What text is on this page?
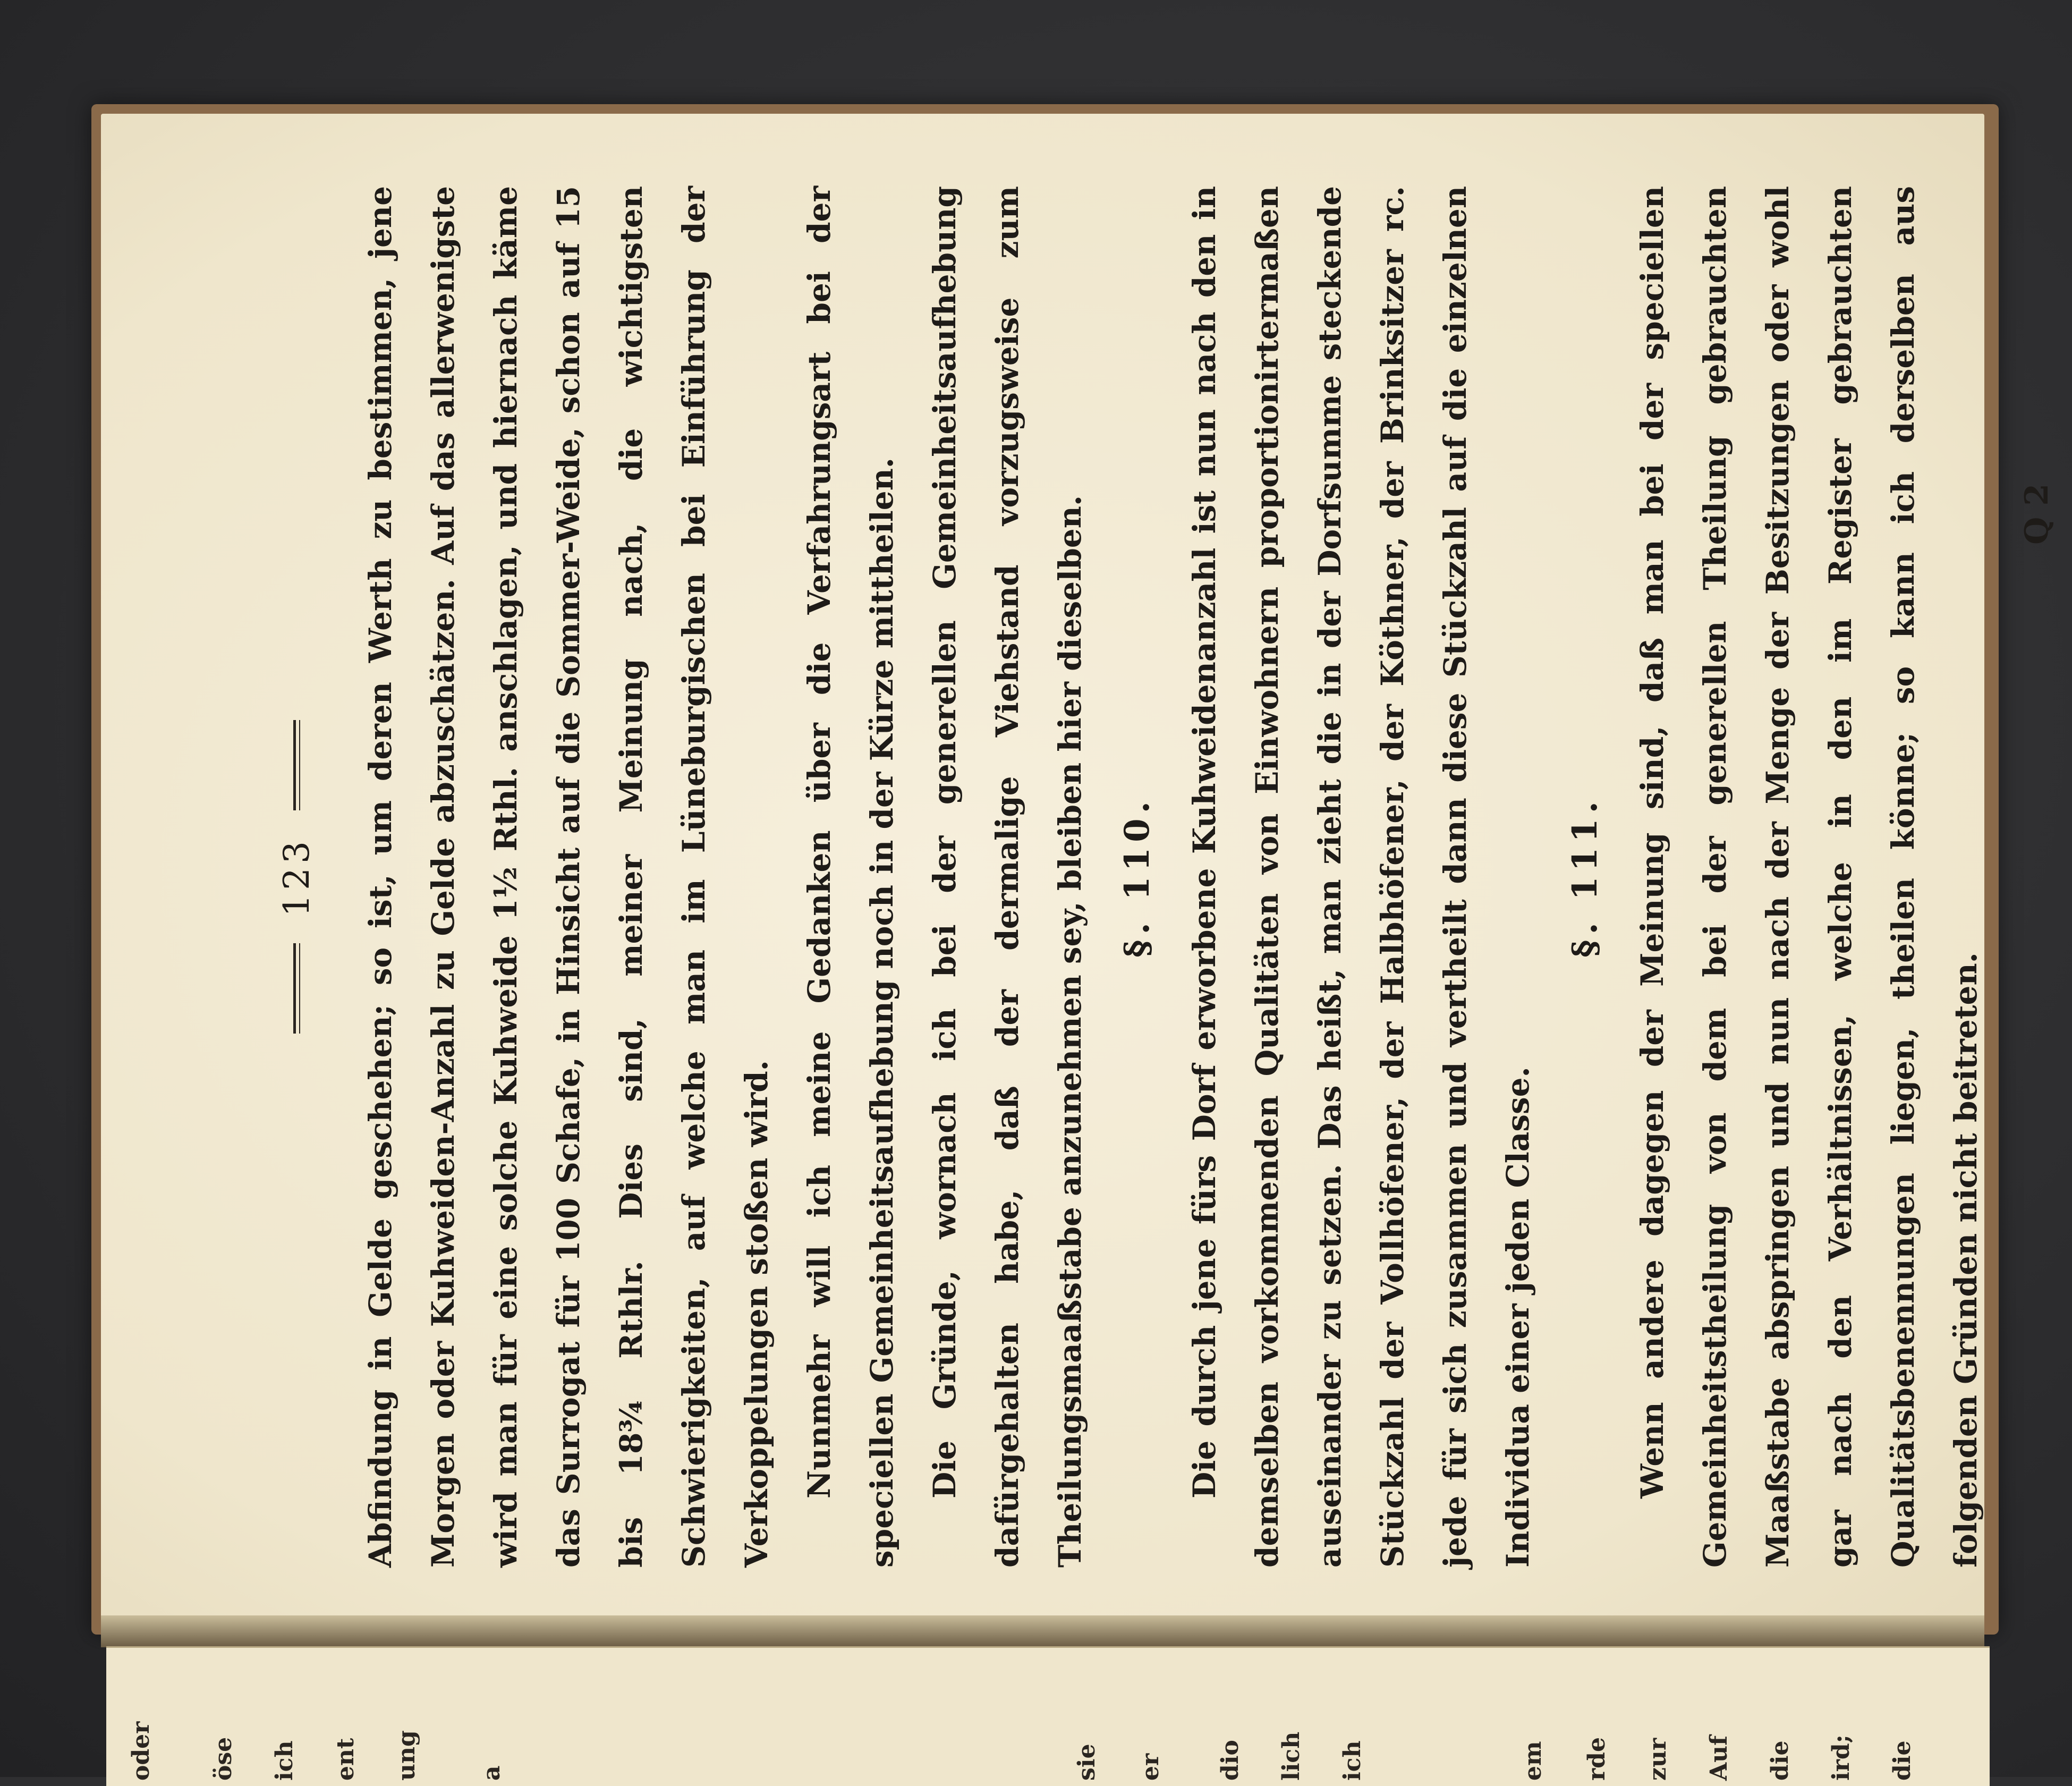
123	Abfindung in Gelde geschehen; so ist, um deren Werth zu bestimmen, jene Morgen oder Kuhweiden-Anzahl zu Gelde abzuschätzen. Auf das allerwenigste wird man für eine solche Kuhweide 1½ Rthl. anschlagen, und hiernach käme das Surrogat für 100 Schafe, in Hinsicht auf die Sommer-Weide, schon auf 15 bis 18¾ Rthlr. Dies sind, meiner Meinung nach, die wichtigsten Schwierigkeiten, auf welche man im Lüneburgischen bei Einführung der Verkoppelungen stoßen wird. Nunmehr will ich meine Gedanken über die Verfahrungsart bei der speciellen Gemeinheitsaufhebung noch in der Kürze mittheilen. Die Gründe, wornach ich bei der generellen Gemeinheitsaufhebung dafürgehalten habe, daß der dermalige Viehstand vorzugsweise zum Theilungsmaaßstabe anzunehmen sey, bleiben hier dieselben. §. 110. Die durch jene fürs Dorf erworbene Kuhweidenanzahl ist nun nach den in demselben vorkommenden Qualitäten von Einwohnern proportionirtermaßen auseinander zu setzen. Das heißt, man zieht die in der Dorfsumme steckende Stückzahl der Vollhöfener, der Halbhöfener, der Köthner, der Brinksitzer rc. jede für sich zusammen und vertheilt dann diese Stückzahl auf die einzelnen Individua einer jeden Classe.

§. 111. Wenn andere dagegen der Meinung sind, daß man bei der speciellen Gemeinheitstheilung von dem bei der generellen Theilung gebrauchten Maaßstabe abspringen und nun nach der Menge der Besitzungen oder wohl gar nach den Verhältnissen, welche in den im Register gebrauchten Qualitätsbenennungen liegen, theilen könne; so kann ich derselben aus folgenden Gründen nicht beitreten.

Q 2
oder öse ich ent ung a	sie er dio lich ich	em rde zur Auf die ird; die
